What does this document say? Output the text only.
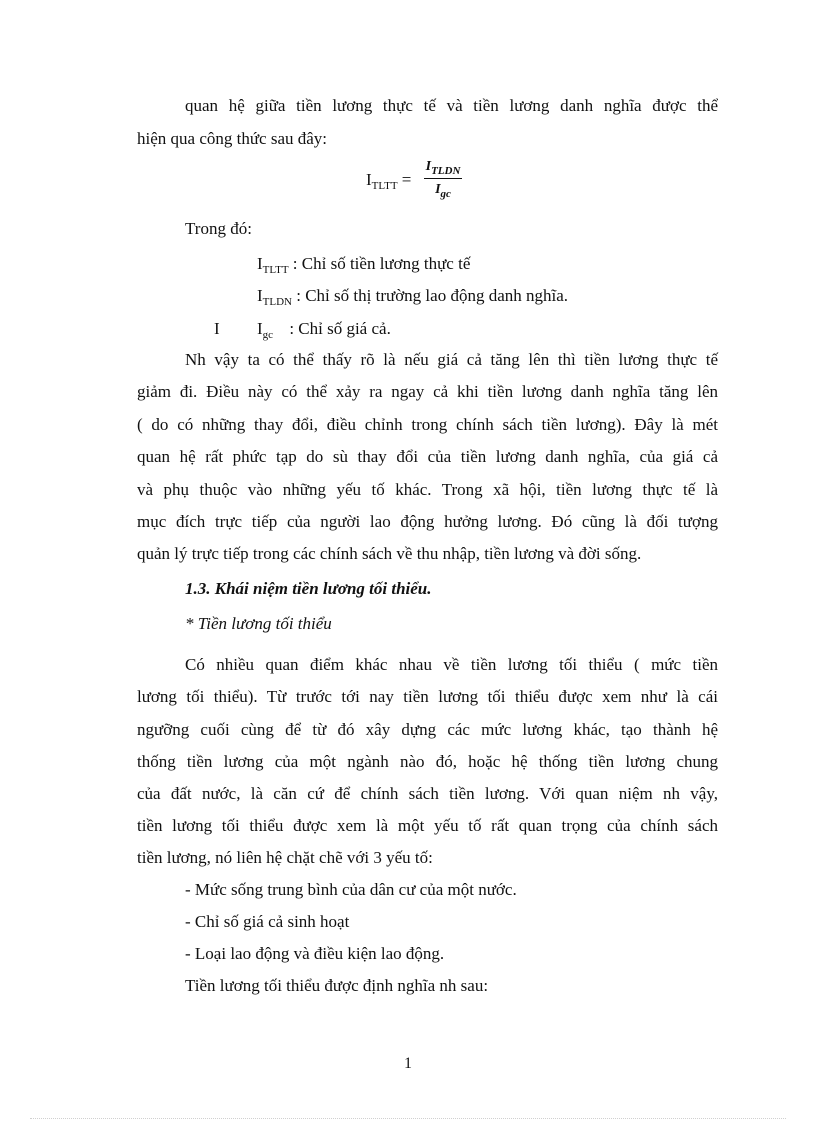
quan hệ giữa tiền lương thực tế và tiền lương danh nghĩa được thể
hiện qua công thức sau đây:
$I_{TLTT}$ =
$I_{TLDN}$
$I_{gc}$
Trong đó:
$I_{TLTT}$ : Chỉ số tiền lương thực tế
$I_{TLDN}$ : Chỉ số thị trường lao động danh nghĩa.
I $I_{gc}$ : Chỉ số giá cả.
Nh vậy ta có thể thấy rõ là nếu giá cả tăng lên thì tiền lương thực tế
giảm đi. Điều này có thể xảy ra ngay cả khi tiền lương danh nghĩa tăng lên
( do có những thay đổi, điều chỉnh trong chính sách tiền lương). Đây là mét
quan hệ rất phức tạp do sù thay đổi của tiền lương danh nghĩa, của giá cả
và phụ thuộc vào những yếu tố khác. Trong xã hội, tiền lương thực tế là
mục đích trực tiếp của người lao động hưởng lương. Đó cũng là đối tượng
quản lý trực tiếp trong các chính sách về thu nhập, tiền lương và đời sống.
1.3. Khái niệm tiền lương tối thiểu.
* Tiền lương tối thiểu
Có nhiều quan điểm khác nhau về tiền lương tối thiểu ( mức tiền
lương tối thiểu). Từ trước tới nay tiền lương tối thiểu được xem như là cái
ngưỡng cuối cùng để từ đó xây dựng các mức lương khác, tạo thành hệ
thống tiền lương của một ngành nào đó, hoặc hệ thống tiền lương chung
của đất nước, là căn cứ để chính sách tiền lương. Với quan niệm nh vậy,
tiền lương tối thiểu được xem là một yếu tố rất quan trọng của chính sách
tiền lương, nó liên hệ chặt chẽ với 3 yếu tố:
- Mức sống trung bình của dân cư của một nước.
- Chỉ số giá cả sinh hoạt
- Loại lao động và điều kiện lao động.
Tiền lương tối thiểu được định nghĩa nh sau:
1
